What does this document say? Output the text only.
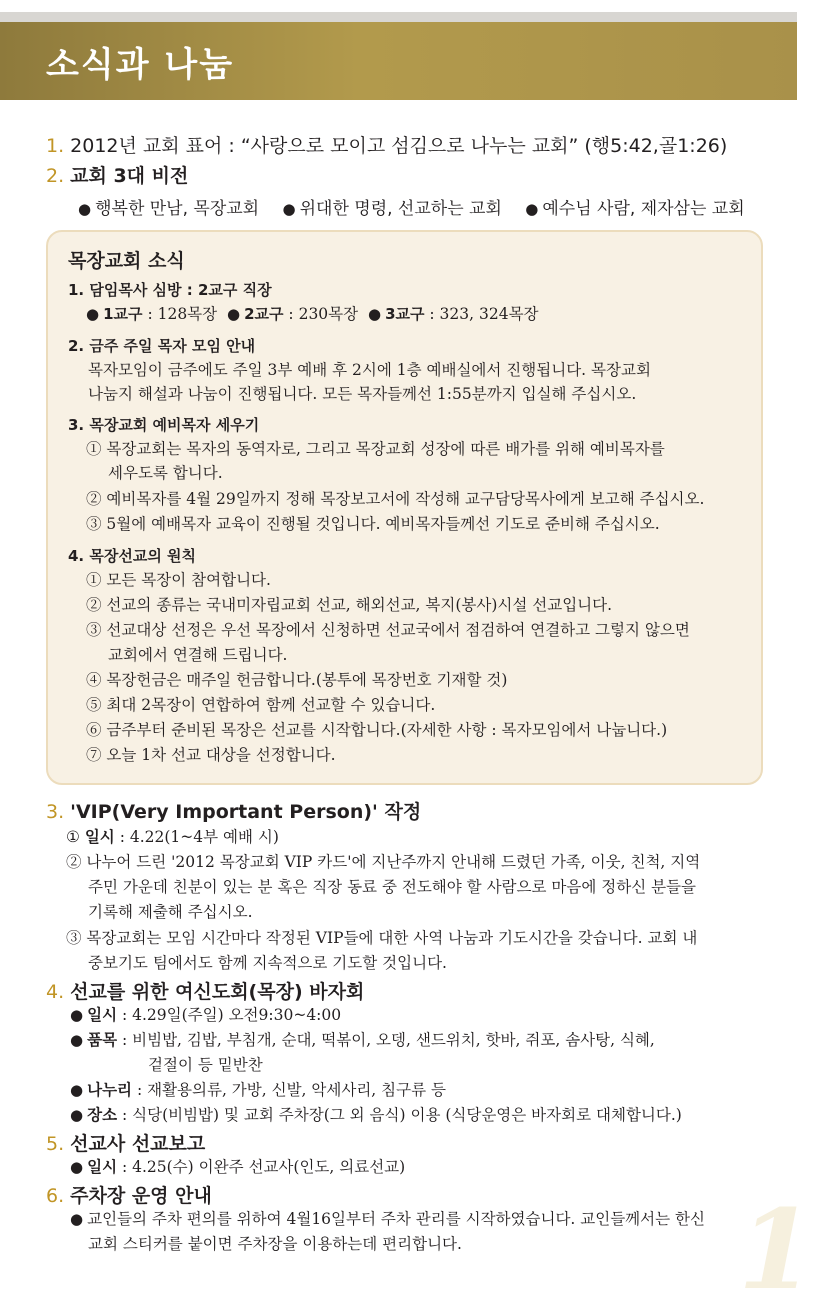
소식과 나눔
1. 2012년 교회 표어 : “사랑으로 모이고 섬김으로 나누는 교회” (행5:42,골1:26)
2. 교회 3대 비전
● 행복한 만남, 목장교회 ● 위대한 명령, 선교하는 교회 ● 예수님 사람, 제자삼는 교회
목장교회 소식
1. 담임목사 심방 : 2교구 직장
● 1교구 : 128목장 ● 2교구 : 230목장 ● 3교구 : 323, 324목장
2. 금주 주일 목자 모임 안내
목자모임이 금주에도 주일 3부 예배 후 2시에 1층 예배실에서 진행됩니다. 목장교회
나눔지 해설과 나눔이 진행됩니다. 모든 목자들께선 1:55분까지 입실해 주십시오.
3. 목장교회 예비목자 세우기
① 목장교회는 목자의 동역자로, 그리고 목장교회 성장에 따른 배가를 위해 예비목자를
세우도록 합니다.
② 예비목자를 4월 29일까지 정해 목장보고서에 작성해 교구담당목사에게 보고해 주십시오.
③ 5월에 예배목자 교육이 진행될 것입니다. 예비목자들께선 기도로 준비해 주십시오.
4. 목장선교의 원칙
① 모든 목장이 참여합니다.
② 선교의 종류는 국내미자립교회 선교, 해외선교, 복지(봉사)시설 선교입니다.
③ 선교대상 선정은 우선 목장에서 신청하면 선교국에서 점검하여 연결하고 그렇지 않으면
교회에서 연결해 드립니다.
④ 목장헌금은 매주일 헌금합니다.(봉투에 목장번호 기재할 것)
⑤ 최대 2목장이 연합하여 함께 선교할 수 있습니다.
⑥ 금주부터 준비된 목장은 선교를 시작합니다.(자세한 사항 : 목자모임에서 나눕니다.)
⑦ 오늘 1차 선교 대상을 선정합니다.
3. 'VIP(Very Important Person)' 작정
① 일시 : 4.22(1~4부 예배 시)
② 나누어 드린 '2012 목장교회 VIP 카드'에 지난주까지 안내해 드렸던 가족, 이웃, 친척, 지역
주민 가운데 친분이 있는 분 혹은 직장 동료 중 전도해야 할 사람으로 마음에 정하신 분들을
기록해 제출해 주십시오.
③ 목장교회는 모임 시간마다 작정된 VIP들에 대한 사역 나눔과 기도시간을 갖습니다. 교회 내
중보기도 팀에서도 함께 지속적으로 기도할 것입니다.
4. 선교를 위한 여신도회(목장) 바자회
● 일시 : 4.29일(주일) 오전9:30~4:00
● 품목 : 비빔밥, 김밥, 부침개, 순대, 떡볶이, 오뎅, 샌드위치, 핫바, 쥐포, 솜사탕, 식혜,
겉절이 등 밑반찬
● 나누리 : 재활용의류, 가방, 신발, 악세사리, 침구류 등
● 장소 : 식당(비빔밥) 및 교회 주차장(그 외 음식) 이용 (식당운영은 바자회로 대체합니다.)
5. 선교사 선교보고
● 일시 : 4.25(수) 이완주 선교사(인도, 의료선교)
6. 주차장 운영 안내
● 교인들의 주차 편의를 위하여 4월16일부터 주차 관리를 시작하였습니다. 교인들께서는 한신
교회 스티커를 붙이면 주차장을 이용하는데 편리합니다.	1
